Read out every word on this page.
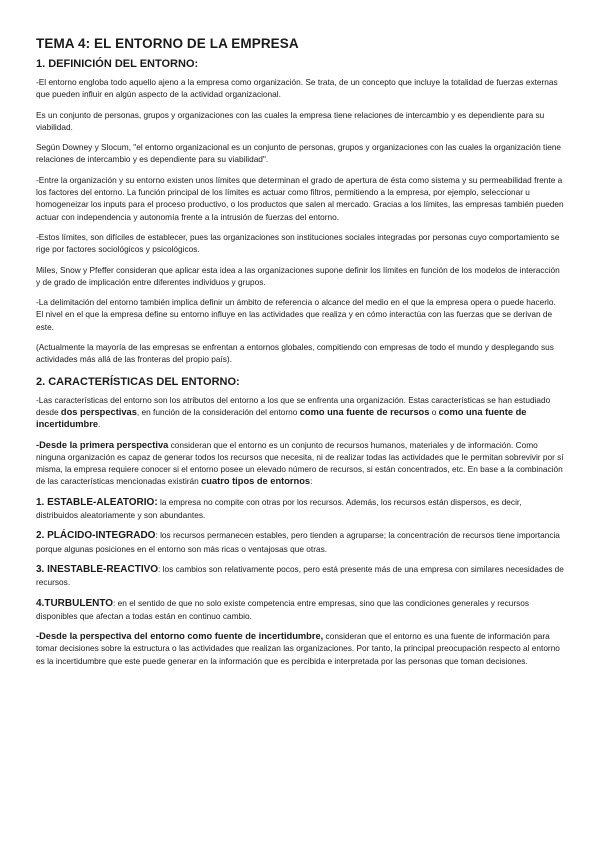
TEMA 4: EL ENTORNO DE LA EMPRESA
1. DEFINICIÓN DEL ENTORNO:

-El entorno engloba todo aquello ajeno a la empresa como organización. Se trata, de un concepto que incluye la totalidad de fuerzas externas que pueden influir en algún aspecto de la actividad organizacional.

Es un conjunto de personas, grupos y organizaciones con las cuales la empresa tiene relaciones de intercambio y es dependiente para su viabilidad.

Según Downey y Slocum, "el entorno organizacional es un conjunto de personas, grupos y organizaciones con las cuales la organización tiene relaciones de intercambio y es dependiente para su viabilidad".

-Entre la organización y su entorno existen unos límites que determinan el grado de apertura de ésta como sistema y su permeabilidad frente a los factores del entorno. La función principal de los límites es actuar como filtros, permitiendo a la empresa, por ejemplo, seleccionar u homogeneizar los inputs para el proceso productivo, o los productos que salen al mercado. Gracias a los límites, las empresas también pueden actuar con independencia y autonomía frente a la intrusión de fuerzas del entorno.

-Estos límites, son difíciles de establecer, pues las organizaciones son instituciones sociales integradas por personas cuyo comportamiento se rige por factores sociológicos y psicológicos.

Miles, Snow y Pfeffer consideran que aplicar esta idea a las organizaciones supone definir los límites en función de los modelos de interacción y de grado de implicación entre diferentes individuos y grupos.

-La delimitación del entorno también implica definir un ámbito de referencia o alcance del medio en el que la empresa opera o puede hacerlo. El nivel en el que la empresa define su entorno influye en las actividades que realiza y en cómo interactúa con las fuerzas que se derivan de este.

(Actualmente la mayoría de las empresas se enfrentan a entornos globales, compitiendo con empresas de todo el mundo y desplegando sus actividades más allá de las fronteras del propio país).

2. CARACTERÍSTICAS DEL ENTORNO:

-Las características del entorno son los atributos del entorno a los que se enfrenta una organización. Estas características se han estudiado desde dos perspectivas, en función de la consideración del entorno como una fuente de recursos o como una fuente de incertidumbre.

-Desde la primera perspectiva consideran que el entorno es un conjunto de recursos humanos, materiales y de información. Como ninguna organización es capaz de generar todos los recursos que necesita, ni de realizar todas las actividades que le permitan sobrevivir por sí misma, la empresa requiere conocer si el entorno posee un elevado número de recursos, si están concentrados, etc. En base a la combinación de las características mencionadas existirán cuatro tipos de entornos:

1. ESTABLE-ALEATORIO: la empresa no compite con otras por los recursos. Además, los recursos están dispersos, es decir, distribuidos aleatoriamente y son abundantes.

2. PLÁCIDO-INTEGRADO: los recursos permanecen estables, pero tienden a agruparse; la concentración de recursos tiene importancia porque algunas posiciones en el entorno son más ricas o ventajosas que otras.

3. INESTABLE-REACTIVO: los cambios son relativamente pocos, pero está presente más de una empresa con similares necesidades de recursos.

4.TURBULENTO: en el sentido de que no solo existe competencia entre empresas, sino que las condiciones generales y recursos disponibles que afectan a todas están en continuo cambio.

-Desde la perspectiva del entorno como fuente de incertidumbre, consideran que el entorno es una fuente de información para tomar decisiones sobre la estructura o las actividades que realizan las organizaciones. Por tanto, la principal preocupación respecto al entorno es la incertidumbre que este puede generar en la información que es percibida e interpretada por las personas que toman decisiones.
